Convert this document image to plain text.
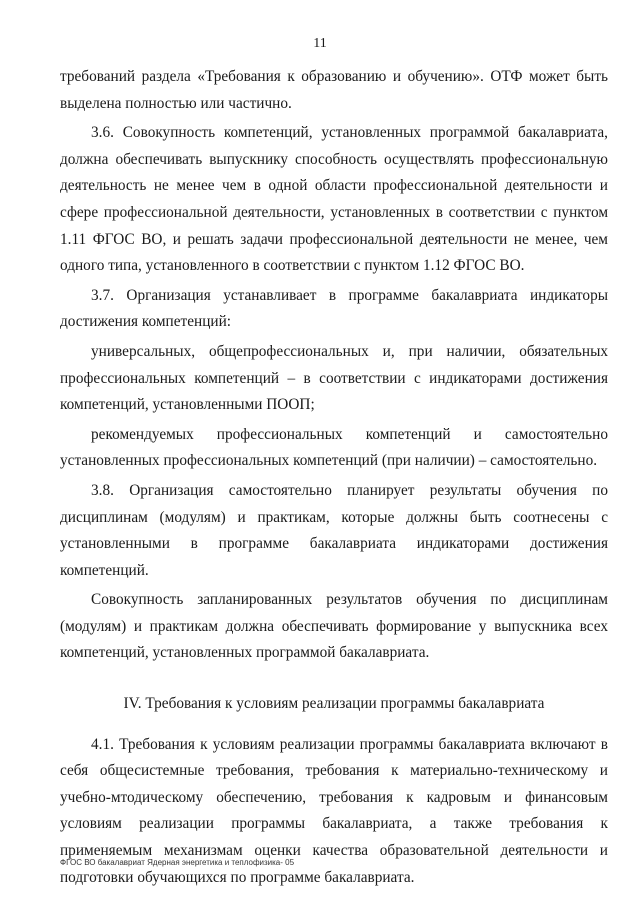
11

требований раздела «Требования к образованию и обучению». ОТФ может быть выделена полностью или частично.

3.6. Совокупность компетенций, установленных программой бакалавриата, должна обеспечивать выпускнику способность осуществлять профессиональную деятельность не менее чем в одной области профессиональной деятельности и сфере профессиональной деятельности, установленных в соответствии с пунктом 1.11 ФГОС ВО, и решать задачи профессиональной деятельности не менее, чем одного типа, установленного в соответствии с пунктом 1.12 ФГОС ВО.

3.7. Организация устанавливает в программе бакалавриата индикаторы достижения компетенций:

универсальных, общепрофессиональных и, при наличии, обязательных профессиональных компетенций – в соответствии с индикаторами достижения компетенций, установленными ПООП;

рекомендуемых профессиональных компетенций и самостоятельно установленных профессиональных компетенций (при наличии) – самостоятельно.

3.8. Организация самостоятельно планирует результаты обучения по дисциплинам (модулям) и практикам, которые должны быть соотнесены с установленными в программе бакалавриата индикаторами достижения компетенций.

Совокупность запланированных результатов обучения по дисциплинам (модулям) и практикам должна обеспечивать формирование у выпускника всех компетенций, установленных программой бакалавриата.

IV. Требования к условиям реализации программы бакалавриата

4.1. Требования к условиям реализации программы бакалавриата включают в себя общесистемные требования, требования к материально-техническому и учебно-мтодическому обеспечению, требования к кадровым и финансовым условиям реализации программы бакалавриата, а также требования к применяемым механизмам оценки качества образовательной деятельности и подготовки обучающихся по программе бакалавриата.

ФГОС ВО бакалавриат Ядерная энергетика и теплофизика- 05
